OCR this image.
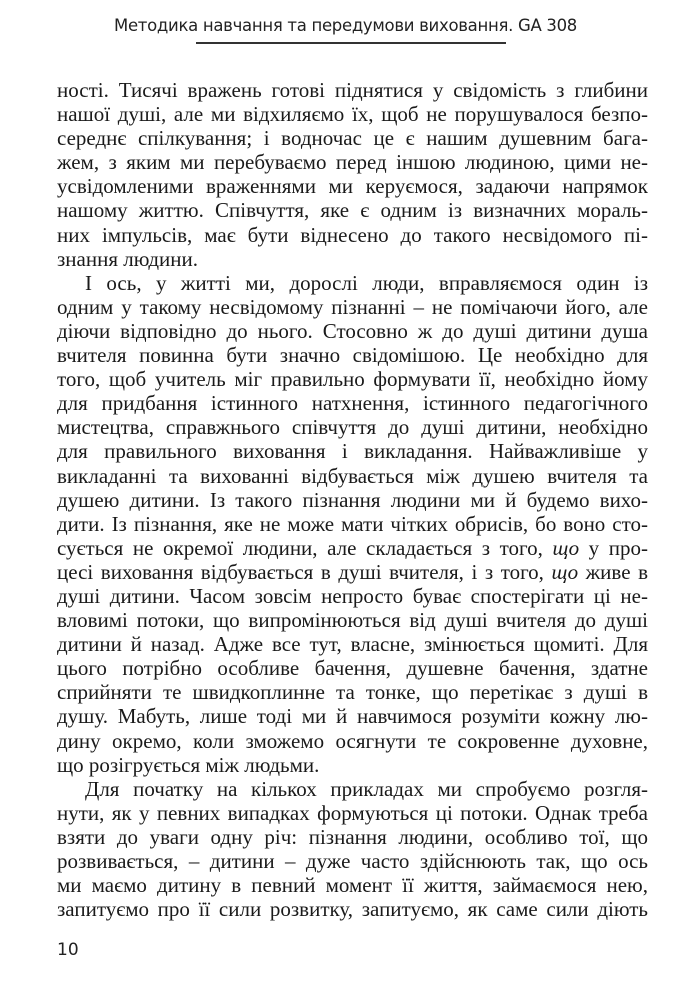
Методика навчання та передумови виховання. GA 308
ності. Тисячі вражень готові піднятися у свідомість з глибини
нашої душі, але ми відхиляємо їх, щоб не порушувалося безпо-
середнє спілкування; і водночас це є нашим душевним бага-
жем, з яким ми перебуваємо перед іншою людиною, цими не-
усвідомленими враженнями ми керуємося, задаючи напрямок
нашому життю. Співчуття, яке є одним із визначних мораль-
них імпульсів, має бути віднесено до такого несвідомого пі-
знання людини.
І ось, у житті ми, дорослі люди, вправляємося один із
одним у такому несвідомому пізнанні – не помічаючи його, але
діючи відповідно до нього. Стосовно ж до душі дитини душа
вчителя повинна бути значно свідомішою. Це необхідно для
того, щоб учитель міг правильно формувати її, необхідно йому
для придбання істинного натхнення, істинного педагогічного
мистецтва, справжнього співчуття до душі дитини, необхідно
для правильного виховання і викладання. Найважливіше у
викладанні та вихованні відбувається між душею вчителя та
душею дитини. Із такого пізнання людини ми й будемо вихо-
дити. Із пізнання, яке не може мати чітких обрисів, бо воно сто-
сується не окремої людини, але складається з того, що у про-
цесі виховання відбувається в душі вчителя, і з того, що живе в
душі дитини. Часом зовсім непросто буває спостерігати ці не-
вловимі потоки, що випромінюються від душі вчителя до душі
дитини й назад. Адже все тут, власне, змінюється щомиті. Для
цього потрібно особливе бачення, душевне бачення, здатне
сприйняти те швидкоплинне та тонке, що перетікає з душі в
душу. Мабуть, лише тоді ми й навчимося розуміти кожну лю-
дину окремо, коли зможемо осягнути те сокровенне духовне,
що розігрується між людьми.
Для початку на кількох прикладах ми спробуємо розгля-
нути, як у певних випадках формуються ці потоки. Однак треба
взяти до уваги одну річ: пізнання людини, особливо тої, що
розвивається, – дитини – дуже часто здійснюють так, що ось
ми маємо дитину в певний момент її життя, займаємося нею,
запитуємо про її сили розвитку, запитуємо, як саме сили діють
10
